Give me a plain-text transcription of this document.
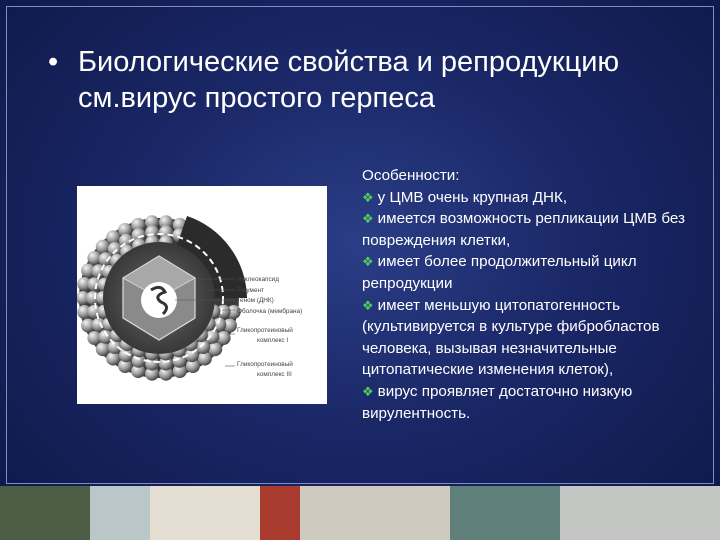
• Биологические свойства и репродукцию см.вирус простого герпеса
Нуклеокапсид
Тегумент
Геном (ДНК)
Оболочка (мембрана)
Гликопротеиновый
комплекс I
Гликопротеиновый
комплекс III
Особенности:
❖ у ЦМВ очень крупная ДНК,
❖ имеется возможность репликации ЦМВ без повреждения клетки,
❖ имеет более продолжительный цикл репродукции
❖ имеет меньшую цитопатогенность (культивируется в культуре фибробластов человека, вызывая незначительные цитопатические изменения клеток),
❖ вирус проявляет достаточно низкую вирулентность.
